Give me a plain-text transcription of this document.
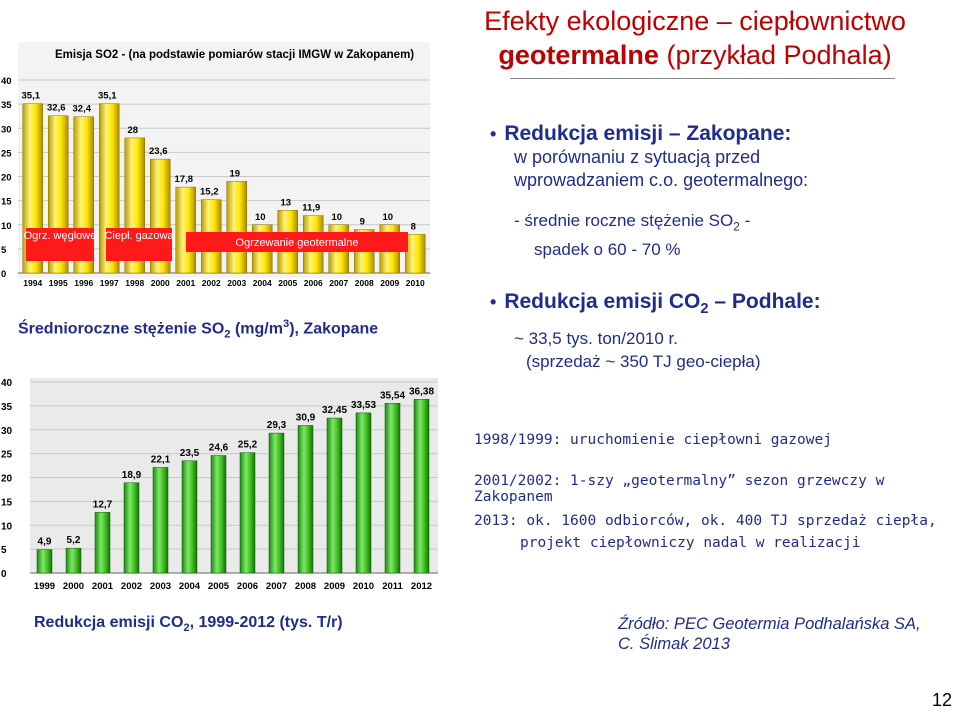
Efekty ekologiczne – ciepłownictwo
geotermalne (przykład Podhala)
Emisja SO2 - (na podstawie pomiarów stacji IMGW w Zakopanem)
0
5
10
15
20
25
30
35
40
35,1
32,6 32,4
35,1
28
23,6
17,8
15,2
19
10
13 11,9
10 9 10
8
1994 1995 1996 1997 1998 2000 2001 2002 2003 2004 2005 2006 2007 2008 2009 2010
Ogrz. węglowe Ciepł. gazowa
Ogrzewanie geotermalne
Średnioroczne stężenie $SO_2$ $(mg/m^3)$, Zakopane
0
5
10
15
20
25
30
35
40
4,9 5,2
12,7
18,9
22,1
23,5 24,6 25,2
29,3
30,9
32,45 33,53
35,54 36,38
1999 2000 2001 2002 2003 2004 2005 2006 2007 2008 2009 2010 2011 2012
Redukcja emisji $CO_2$, 1999-2012 (tys. T/r)
• Redukcja emisji – Zakopane:
w porównaniu z sytuacją przed
wprowadzaniem c.o. geotermalnego:
- średnie roczne stężenie $SO_2$ -
spadek o 60 - 70 %
• Redukcja emisji $CO_2$ – Podhale:
~ 33,5 tys. ton/2010 r.
(sprzedaż ~ 350 TJ geo-ciepła)
1998/1999: uruchomienie ciepłowni gazowej
2001/2002: 1-szy „geotermalny” sezon grzewczy w Zakopanem
2013: ok. 1600 odbiorców, ok. 400 TJ sprzedaż ciepła,
projekt ciepłowniczy nadal w realizacji
Źródło: PEC Geotermia Podhalańska SA,
C. Ślimak 2013
12
